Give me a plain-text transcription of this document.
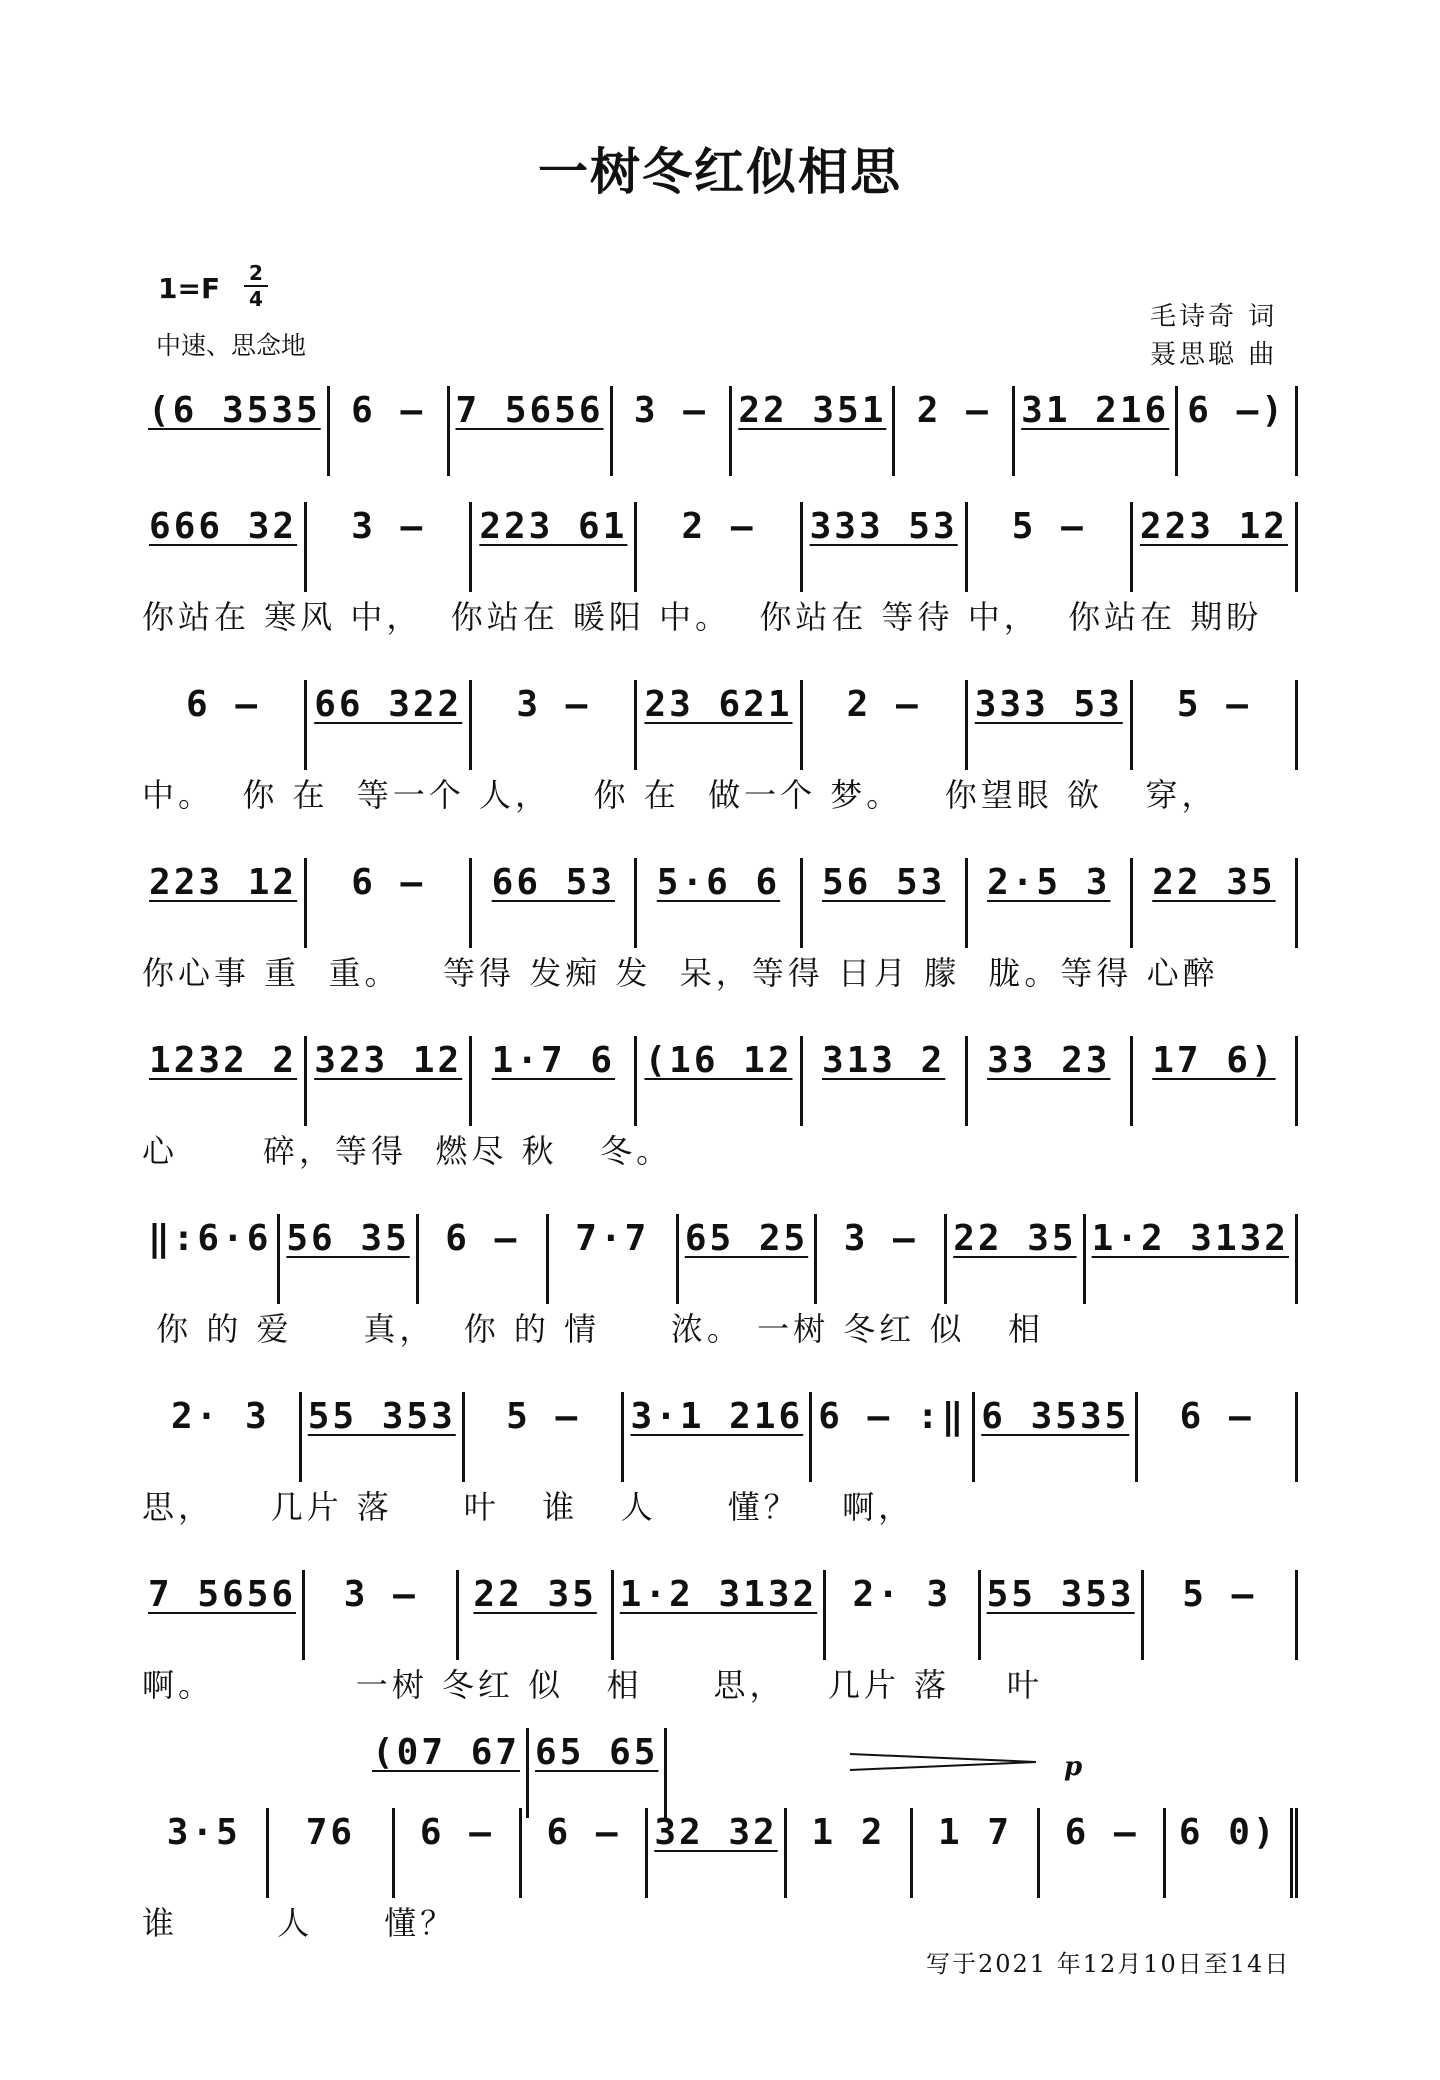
一树冬红似相思
1=F 2
4
中速、思念地
毛诗奇 词
聂思聪 曲
(6 3535 6 – 7 5656 3 – 22 351 2 – 31 216 6 –)
666 32 3 – 223 61 2 – 333 53 5 – 223 12
你站在 寒风 中，  你站在 暖阳 中。  你站在 等待 中，  你站在 期盼
6 – 66 322 3 – 23 621 2 – 333 53 5 –
中。  你 在  等一个 人，   你 在  做一个 梦。   你望眼 欲   穿，
223 12 6 – 66 53 5·6 6 56 53 2·5 3 22 35
你心事 重  重。   等得 发痴 发  呆，等得 日月 朦  胧。等得 心醉
1232 2 323 12 1·7 6 (16 12 313 2 33 23 17 6)
心      碎，等得  燃尽 秋   冬。
‖:6·6 56 35 6 – 7·7 65 25 3 – 22 35 1·2 3132
你 的 爱     真，  你 的 情     浓。 一树 冬红 似   相
2· 3 55 353 5 – 3·1 216 6 – :‖ 6 3535 6 –
思，    几片 落     叶   谁   人     懂？   啊，
7 5656 3 – 22 35 1·2 3132 2· 3 55 353 5 –
啊。          一树 冬红 似   相     思，   几片 落    叶
(07 67 65 65	p
3·5 76 6 – 6 – 32 32 1 2 1 7 6 – 6 0)
谁       人     懂？
写于2021 年12月10日至14日
